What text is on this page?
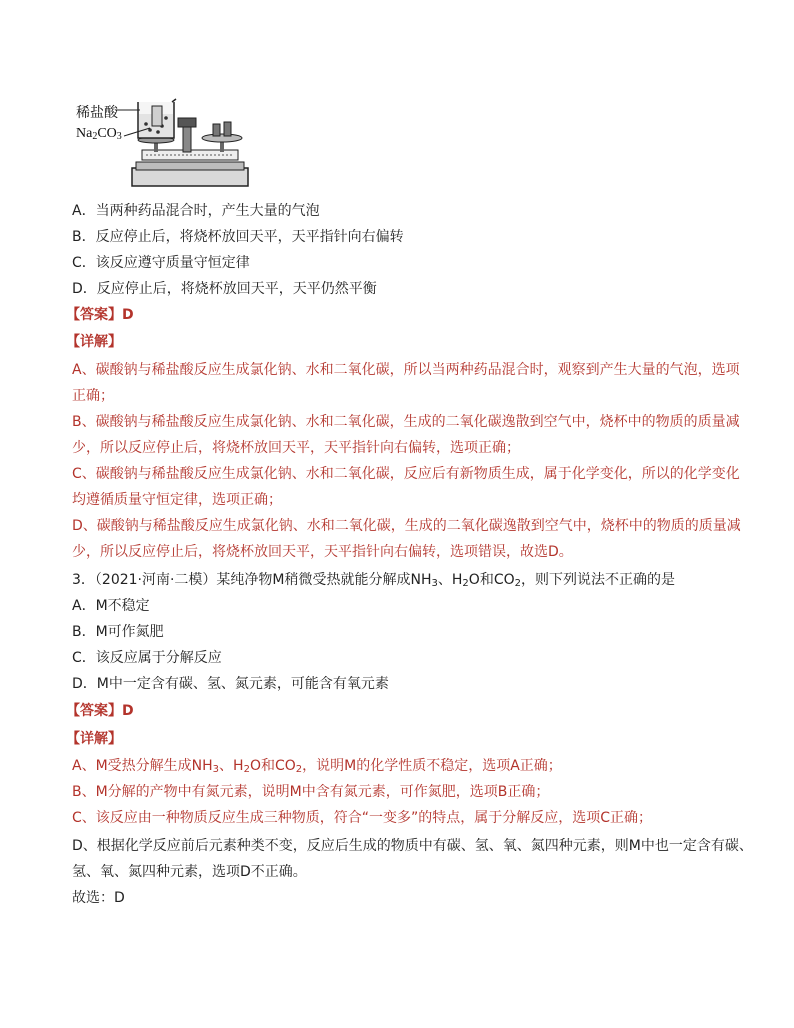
稀盐酸
$Na_2CO_3$
A．当两种药品混合时，产生大量的气泡
B．反应停止后，将烧杯放回天平，天平指针向右偏转
C．该反应遵守质量守恒定律
D．反应停止后，将烧杯放回天平，天平仍然平衡
【答案】D
【详解】
A、碳酸钠与稀盐酸反应生成氯化钠、水和二氧化碳，所以当两种药品混合时，观察到产生大量的气泡，选项
正确；
B、碳酸钠与稀盐酸反应生成氯化钠、水和二氧化碳，生成的二氧化碳逸散到空气中，烧杯中的物质的质量减
少，所以反应停止后，将烧杯放回天平，天平指针向右偏转，选项正确；
C、碳酸钠与稀盐酸反应生成氯化钠、水和二氧化碳，反应后有新物质生成，属于化学变化，所以的化学变化
均遵循质量守恒定律，选项正确；
D、碳酸钠与稀盐酸反应生成氯化钠、水和二氧化碳，生成的二氧化碳逸散到空气中，烧杯中的物质的质量减
少，所以反应停止后，将烧杯放回天平，天平指针向右偏转，选项错误，故选D。
3．（2021·河南·二模）某纯净物M稍微受热就能分解成$NH_3$、$H_2O$和$CO_2$，则下列说法不正确的是
A．M不稳定
B．M可作氮肥
C．该反应属于分解反应
D．M中一定含有碳、氢、氮元素，可能含有氧元素
【答案】D
【详解】
A、M受热分解生成$NH_3$、$H_2O$和$CO_2$，说明M的化学性质不稳定，选项A正确；
B、M分解的产物中有氮元素，说明M中含有氮元素，可作氮肥，选项B正确；
C、该反应由一种物质反应生成三种物质，符合“一变多”的特点，属于分解反应，选项C正确；
D、根据化学反应前后元素种类不变，反应后生成的物质中有碳、氢、氧、氮四种元素，则M中也一定含有碳、
氢、氧、氮四种元素，选项D不正确。
故选：D
